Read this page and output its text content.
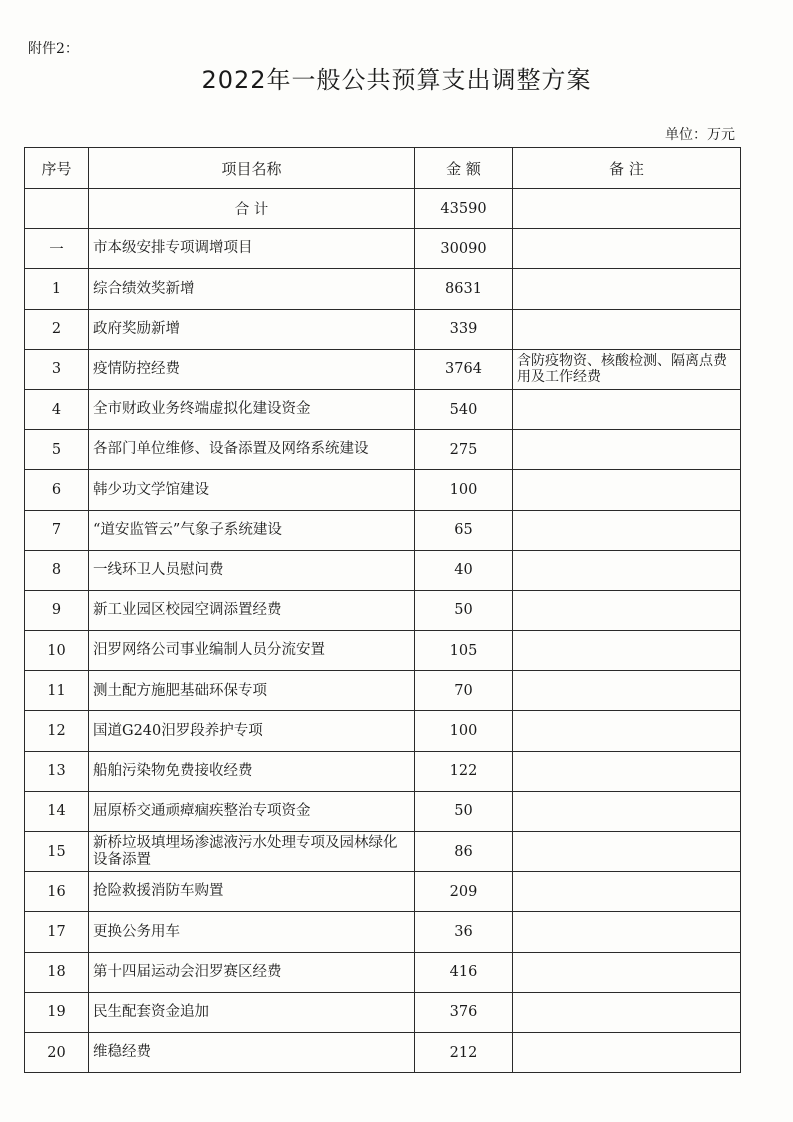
附件2：
2022年一般公共预算支出调整方案
单位：万元
序号	项目名称	金 额	备 注
	合 计	43590	
一	市本级安排专项调增项目	30090	
1	综合绩效奖新增	8631	
2	政府奖励新增	339	
3	疫情防控经费	3764	含防疫物资、核酸检测、隔离点费用及工作经费
4	全市财政业务终端虚拟化建设资金	540	
5	各部门单位维修、设备添置及网络系统建设	275	
6	韩少功文学馆建设	100	
7	“道安监管云”气象子系统建设	65	
8	一线环卫人员慰问费	40	
9	新工业园区校园空调添置经费	50	
10	汨罗网络公司事业编制人员分流安置	105	
11	测土配方施肥基础环保专项	70	
12	国道G240汨罗段养护专项	100	
13	船舶污染物免费接收经费	122	
14	屈原桥交通顽瘴痼疾整治专项资金	50	
15	新桥垃圾填埋场渗滤液污水处理专项及园林绿化设备添置	86	
16	抢险救援消防车购置	209	
17	更换公务用车	36	
18	第十四届运动会汨罗赛区经费	416	
19	民生配套资金追加	376	
20	维稳经费	212	
